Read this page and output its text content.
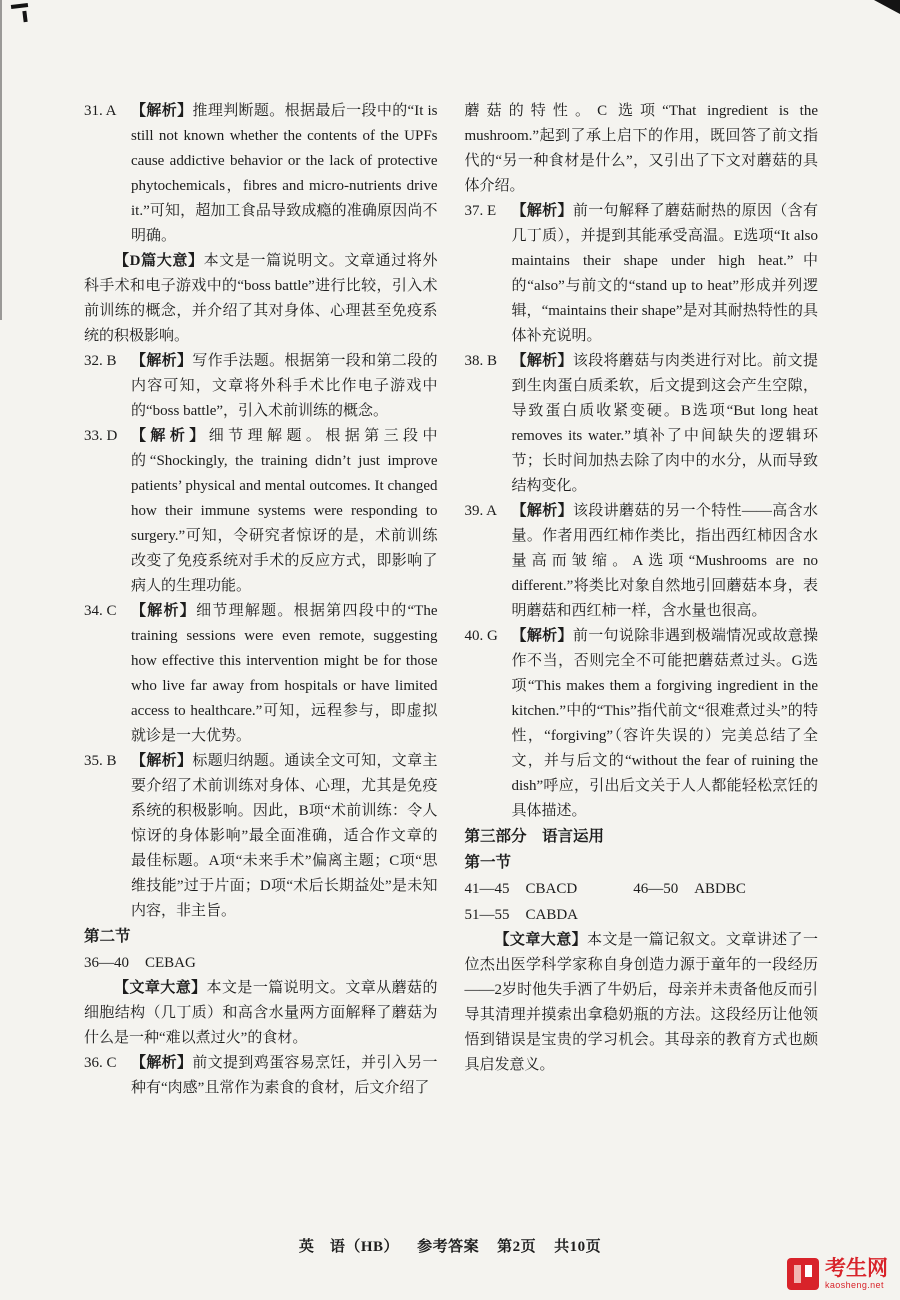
31. A 【解析】推理判断题。根据最后一段中的“It is still not known whether the contents of the UPFs cause addictive behavior or the lack of protective phytochemicals，fibres and micro-nutrients drive it.”可知，超加工食品导致成瘾的准确原因尚不明确。

【D篇大意】本文是一篇说明文。文章通过将外科手术和电子游戏中的“boss battle”进行比较，引入术前训练的概念，并介绍了其对身体、心理甚至免疫系统的积极影响。

32. B 【解析】写作手法题。根据第一段和第二段的内容可知，文章将外科手术比作电子游戏中的“boss battle”，引入术前训练的概念。
33. D 【解析】细节理解题。根据第三段中的“Shockingly, the training didn’t just improve patients’ physical and mental outcomes. It changed how their immune systems were responding to surgery.”可知，令研究者惊讶的是，术前训练改变了免疫系统对手术的反应方式，即影响了病人的生理功能。
34. C 【解析】细节理解题。根据第四段中的“The training sessions were even remote, suggesting how effective this intervention might be for those who live far away from hospitals or have limited access to healthcare.”可知，远程参与，即虚拟就诊是一大优势。
35. B 【解析】标题归纳题。通读全文可知，文章主要介绍了术前训练对身体、心理，尤其是免疫系统的积极影响。因此，B项“术前训练：令人惊讶的身体影响”最全面准确，适合作文章的最佳标题。A项“未来手术”偏离主题；C项“思维技能”过于片面；D项“术后长期益处”是未知内容，非主旨。
第二节
36—40 CEBAG

【文章大意】本文是一篇说明文。文章从蘑菇的细胞结构（几丁质）和高含水量两方面解释了蘑菇为什么是一种“难以煮过火”的食材。

36. C 【解析】前文提到鸡蛋容易烹饪，并引入另一种有“肉感”且常作为素食的食材，后文介绍了

蘑菇的特性。C 选项“That ingredient is the mushroom.”起到了承上启下的作用，既回答了前文指代的“另一种食材是什么”，又引出了下文对蘑菇的具体介绍。

37. E 【解析】前一句解释了蘑菇耐热的原因（含有几丁质），并提到其能承受高温。E选项“It also maintains their shape under high heat.”中的“also”与前文的“stand up to heat”形成并列逻辑，“maintains their shape”是对其耐热特性的具体补充说明。
38. B 【解析】该段将蘑菇与肉类进行对比。前文提到生肉蛋白质柔软，后文提到这会产生空隙，导致蛋白质收紧变硬。B选项“But long heat removes its water.”填补了中间缺失的逻辑环节；长时间加热去除了肉中的水分，从而导致结构变化。
39. A 【解析】该段讲蘑菇的另一个特性——高含水量。作者用西红柿作类比，指出西红柿因含水量高而皱缩。A选项“Mushrooms are no different.”将类比对象自然地引回蘑菇本身，表明蘑菇和西红柿一样，含水量也很高。
40. G 【解析】前一句说除非遇到极端情况或故意操作不当，否则完全不可能把蘑菇煮过头。G选项“This makes them a forgiving ingredient in the kitchen.”中的“This”指代前文“很难煮过头”的特性，“forgiving”（容许失误的）完美总结了全文，并与后文的“without the fear of ruining the dish”呼应，引出后文关于人人都能轻松烹饪的具体描述。
第三部分　语言运用
第一节
41—45 CBACD	46—50 ABDBC
51—55 CABDA

【文章大意】本文是一篇记叙文。文章讲述了一位杰出医学科学家称自身创造力源于童年的一段经历——2岁时他失手洒了牛奶后，母亲并未责备他反而引导其清理并摸索出拿稳奶瓶的方法。这段经历让他领悟到错误是宝贵的学习机会。其母亲的教育方式也颇具启发意义。

英　语（HB） 参考答案 第2页 共10页
考生网
kaosheng.net
